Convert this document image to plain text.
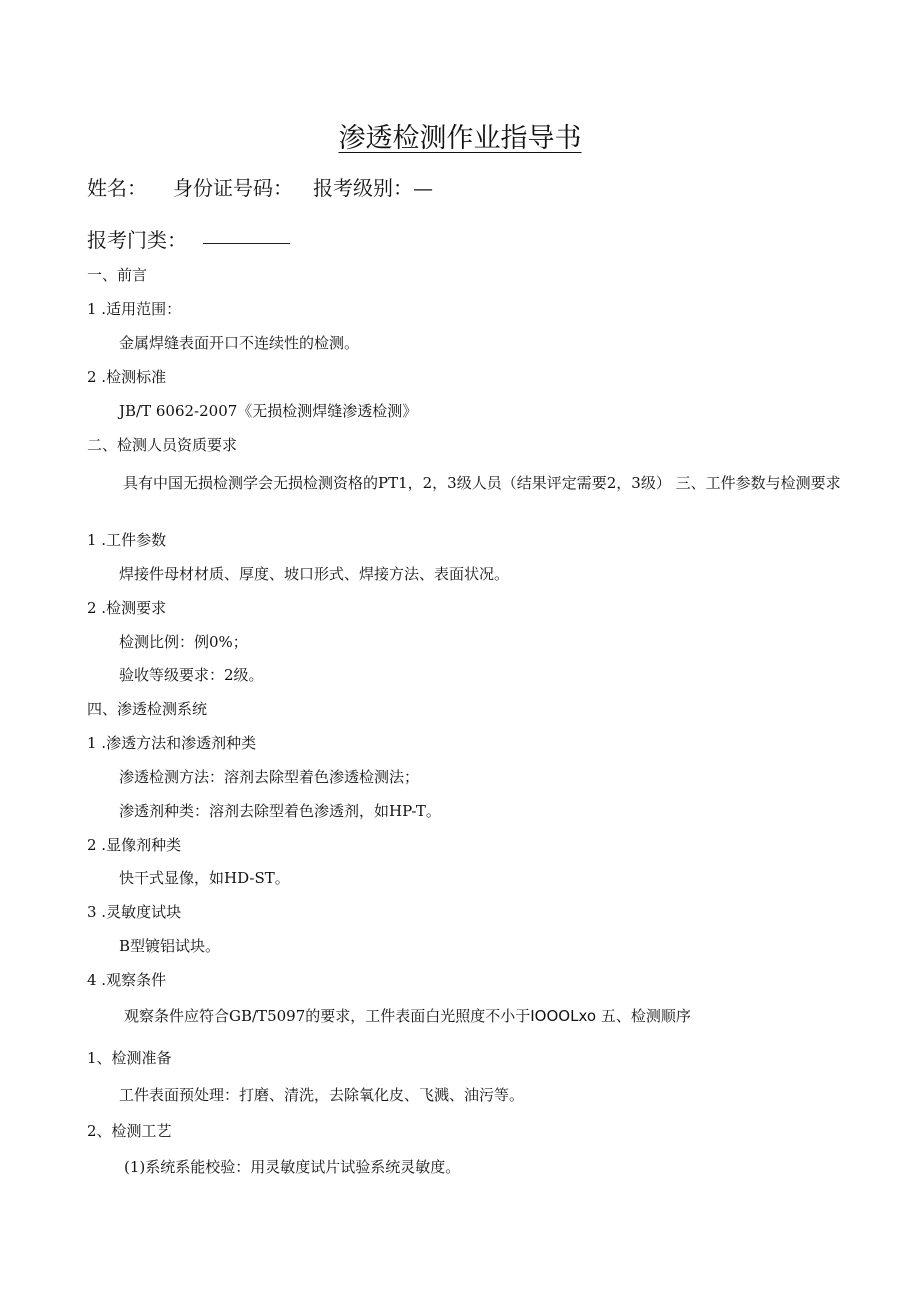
渗透检测作业指导书
姓名： 身份证号码： 报考级别：—
报考门类：
一、前言
1 .适用范围：
金属焊缝表面开口不连续性的检测。
2 .检测标准
JB/T 6062-2007《无损检测焊缝渗透检测》
二、检测人员资质要求

具有中国无损检测学会无损检测资格的PT1，2，3级人员（结果评定需要2，3级） 三、工件参数与检测要求

1 .工件参数
焊接件母材材质、厚度、坡口形式、焊接方法、表面状况。
2 .检测要求
检测比例：例0%；
验收等级要求：2级。
四、渗透检测系统
1 .渗透方法和渗透剂种类
渗透检测方法：溶剂去除型着色渗透检测法；
渗透剂种类：溶剂去除型着色渗透剂，如HP-T。
2 .显像剂种类
快干式显像，如HD-ST。
3 .灵敏度试块
B型镀铝试块。
4 .观察条件
观察条件应符合GB/T5097的要求，工件表面白光照度不小于IOOOLxo 五、检测顺序
1、检测准备
工件表面预处理：打磨、清洗，去除氧化皮、飞溅、油污等。
2、检测工艺
(1)系统系能校验：用灵敏度试片试验系统灵敏度。
